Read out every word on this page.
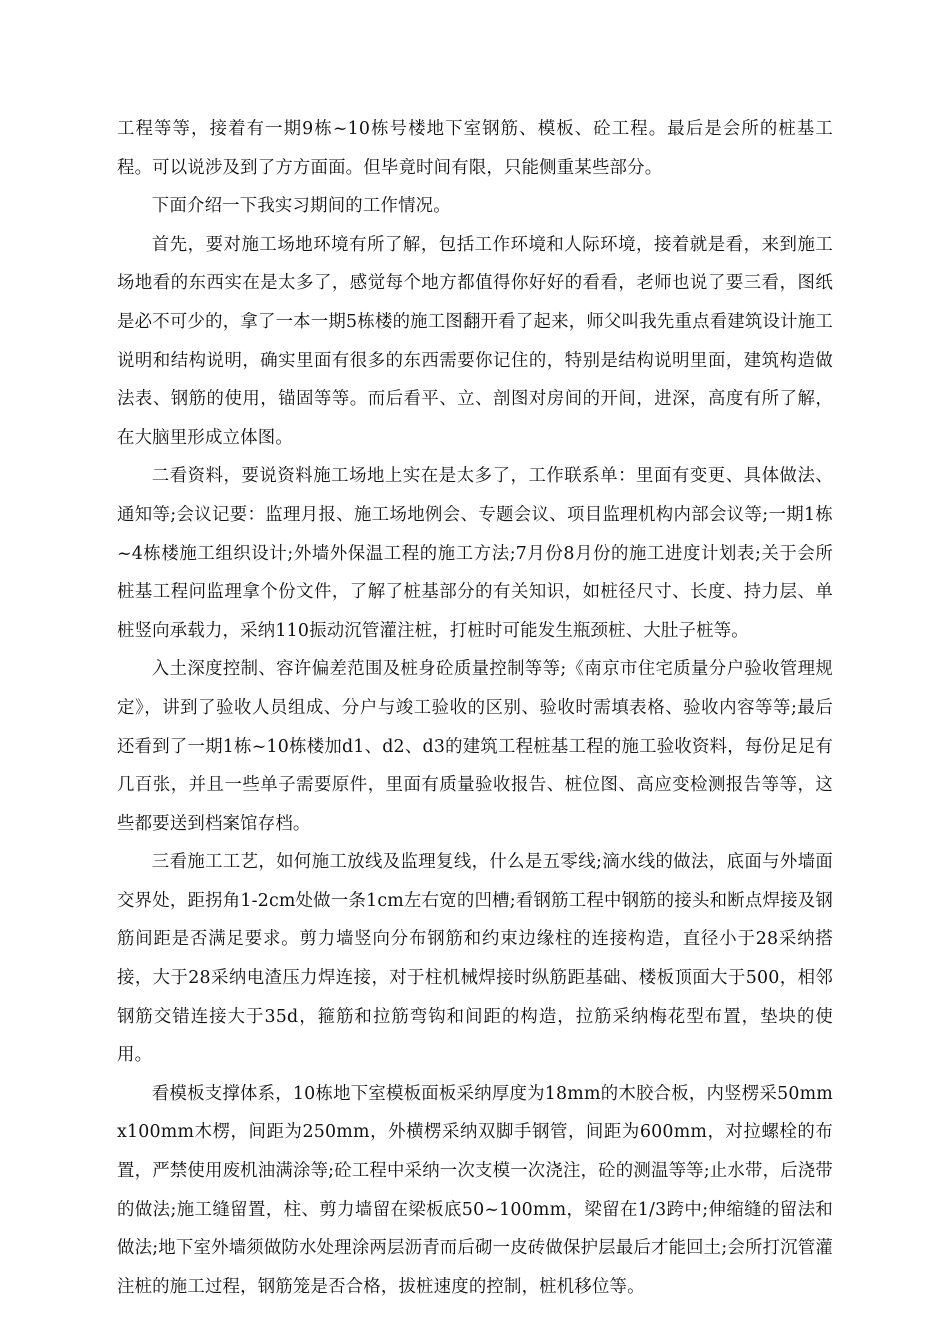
工程等等，接着有一期9栋~10栋号楼地下室钢筋、模板、砼工程。最后是会所的桩基工程。可以说涉及到了方方面面。但毕竟时间有限，只能侧重某些部分。

下面介绍一下我实习期间的工作情况。

首先，要对施工场地环境有所了解，包括工作环境和人际环境，接着就是看，来到施工场地看的东西实在是太多了，感觉每个地方都值得你好好的看看，老师也说了要三看，图纸是必不可少的，拿了一本一期5栋楼的施工图翻开看了起来，师父叫我先重点看建筑设计施工说明和结构说明，确实里面有很多的东西需要你记住的，特别是结构说明里面，建筑构造做法表、钢筋的使用，锚固等等。而后看平、立、剖图对房间的开间，进深，高度有所了解，在大脑里形成立体图。

二看资料，要说资料施工场地上实在是太多了，工作联系单：里面有变更、具体做法、通知等;会议记要：监理月报、施工场地例会、专题会议、项目监理机构内部会议等;一期1栋~4栋楼施工组织设计;外墙外保温工程的施工方法;7月份8月份的施工进度计划表;关于会所桩基工程问监理拿个份文件，了解了桩基部分的有关知识，如桩径尺寸、长度、持力层、单桩竖向承载力，采纳110振动沉管灌注桩，打桩时可能发生瓶颈桩、大肚子桩等。

入土深度控制、容许偏差范围及桩身砼质量控制等等;《南京市住宅质量分户验收管理规定》，讲到了验收人员组成、分户与竣工验收的区别、验收时需填表格、验收内容等等;最后还看到了一期1栋~10栋楼加d1、d2、d3的建筑工程桩基工程的施工验收资料，每份足足有几百张，并且一些单子需要原件，里面有质量验收报告、桩位图、高应变检测报告等等，这些都要送到档案馆存档。

三看施工工艺，如何施工放线及监理复线，什么是五零线;滴水线的做法，底面与外墙面交界处，距拐角1-2cm处做一条1cm左右宽的凹槽;看钢筋工程中钢筋的接头和断点焊接及钢筋间距是否满足要求。剪力墙竖向分布钢筋和约束边缘柱的连接构造，直径小于28采纳搭接，大于28采纳电渣压力焊连接，对于柱机械焊接时纵筋距基础、楼板顶面大于500，相邻钢筋交错连接大于35d，箍筋和拉筋弯钩和间距的构造，拉筋采纳梅花型布置，垫块的使用。

看模板支撑体系，10栋地下室模板面板采纳厚度为18mm的木胶合板，内竖楞采50mmx100mm木楞，间距为250mm，外横楞采纳双脚手钢管，间距为600mm，对拉螺栓的布置，严禁使用废机油满涂等;砼工程中采纳一次支模一次浇注，砼的测温等等;止水带，后浇带的做法;施工缝留置，柱、剪力墙留在梁板底50~100mm，梁留在1/3跨中;伸缩缝的留法和做法;地下室外墙须做防水处理涂两层沥青而后砌一皮砖做保护层最后才能回土;会所打沉管灌注桩的施工过程，钢筋笼是否合格，拔桩速度的控制，桩机移位等。
